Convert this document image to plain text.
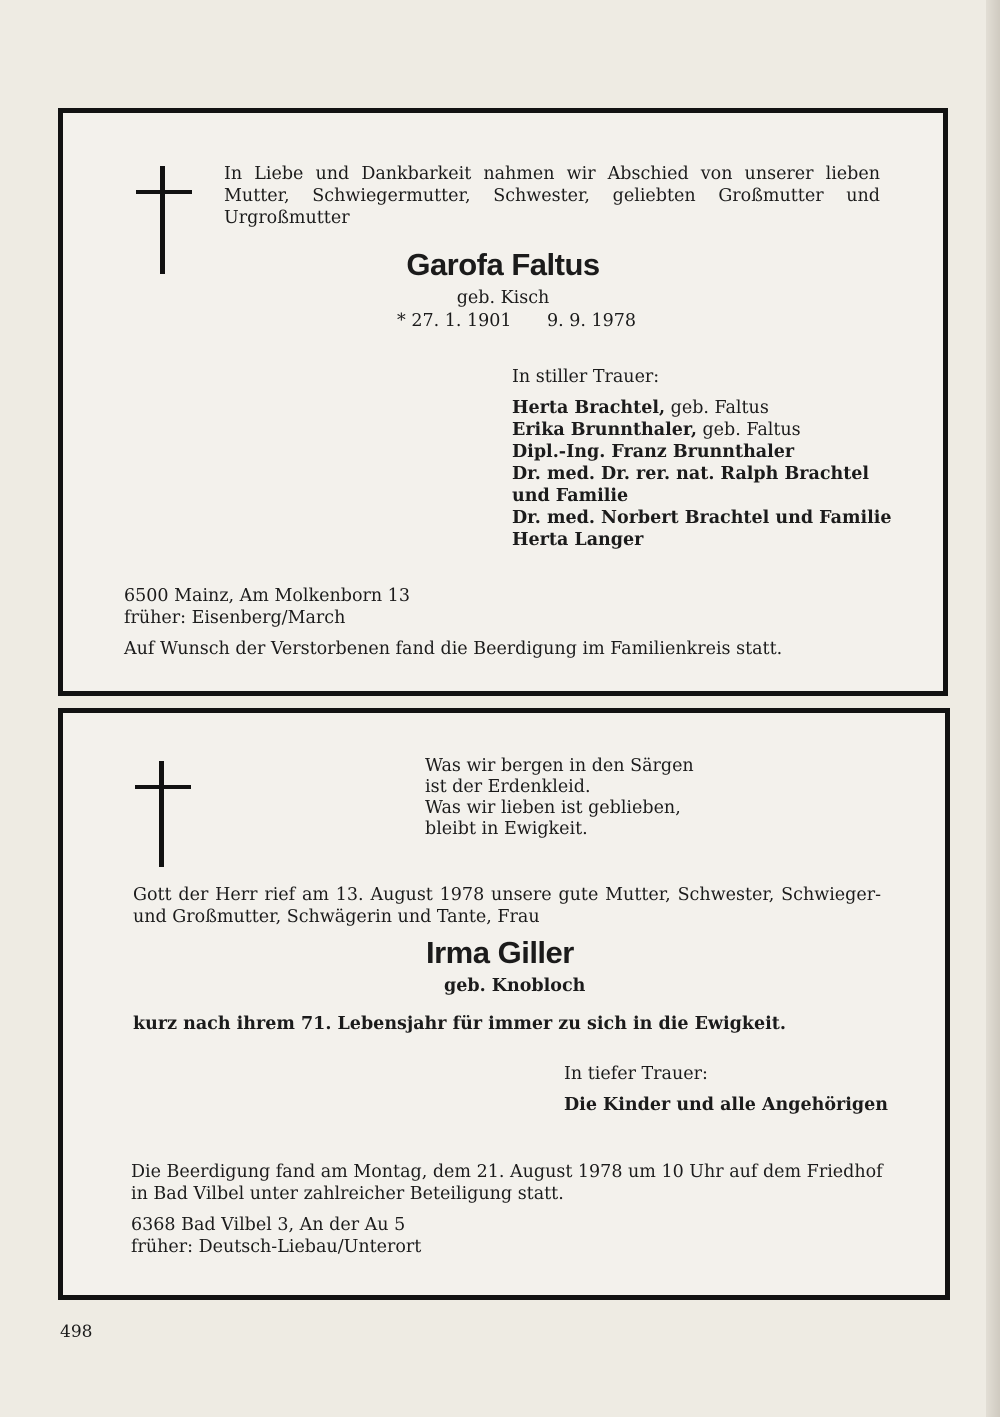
In Liebe und Dankbarkeit nahmen wir Abschied von unserer lieben
Mutter, Schwiegermutter, Schwester, geliebten Großmutter und
Urgroßmutter
Garofa Faltus
geb. Kisch
* 27. 1. 1901 9. 9. 1978
In stiller Trauer:
Herta Brachtel, geb. Faltus
Erika Brunnthaler, geb. Faltus
Dipl.-Ing. Franz Brunnthaler
Dr. med. Dr. rer. nat. Ralph Brachtel
und Familie
Dr. med. Norbert Brachtel und Familie
Herta Langer
6500 Mainz, Am Molkenborn 13
früher: Eisenberg/March
Auf Wunsch der Verstorbenen fand die Beerdigung im Familienkreis statt.
Was wir bergen in den Särgen
ist der Erdenkleid.
Was wir lieben ist geblieben,
bleibt in Ewigkeit.
Gott der Herr rief am 13. August 1978 unsere gute Mutter, Schwester, Schwieger-
und Großmutter, Schwägerin und Tante, Frau
Irma Giller
geb. Knobloch
kurz nach ihrem 71. Lebensjahr für immer zu sich in die Ewigkeit.
In tiefer Trauer:
Die Kinder und alle Angehörigen
Die Beerdigung fand am Montag, dem 21. August 1978 um 10 Uhr auf dem Friedhof
in Bad Vilbel unter zahlreicher Beteiligung statt.
6368 Bad Vilbel 3, An der Au 5
früher: Deutsch-Liebau/Unterort
498
